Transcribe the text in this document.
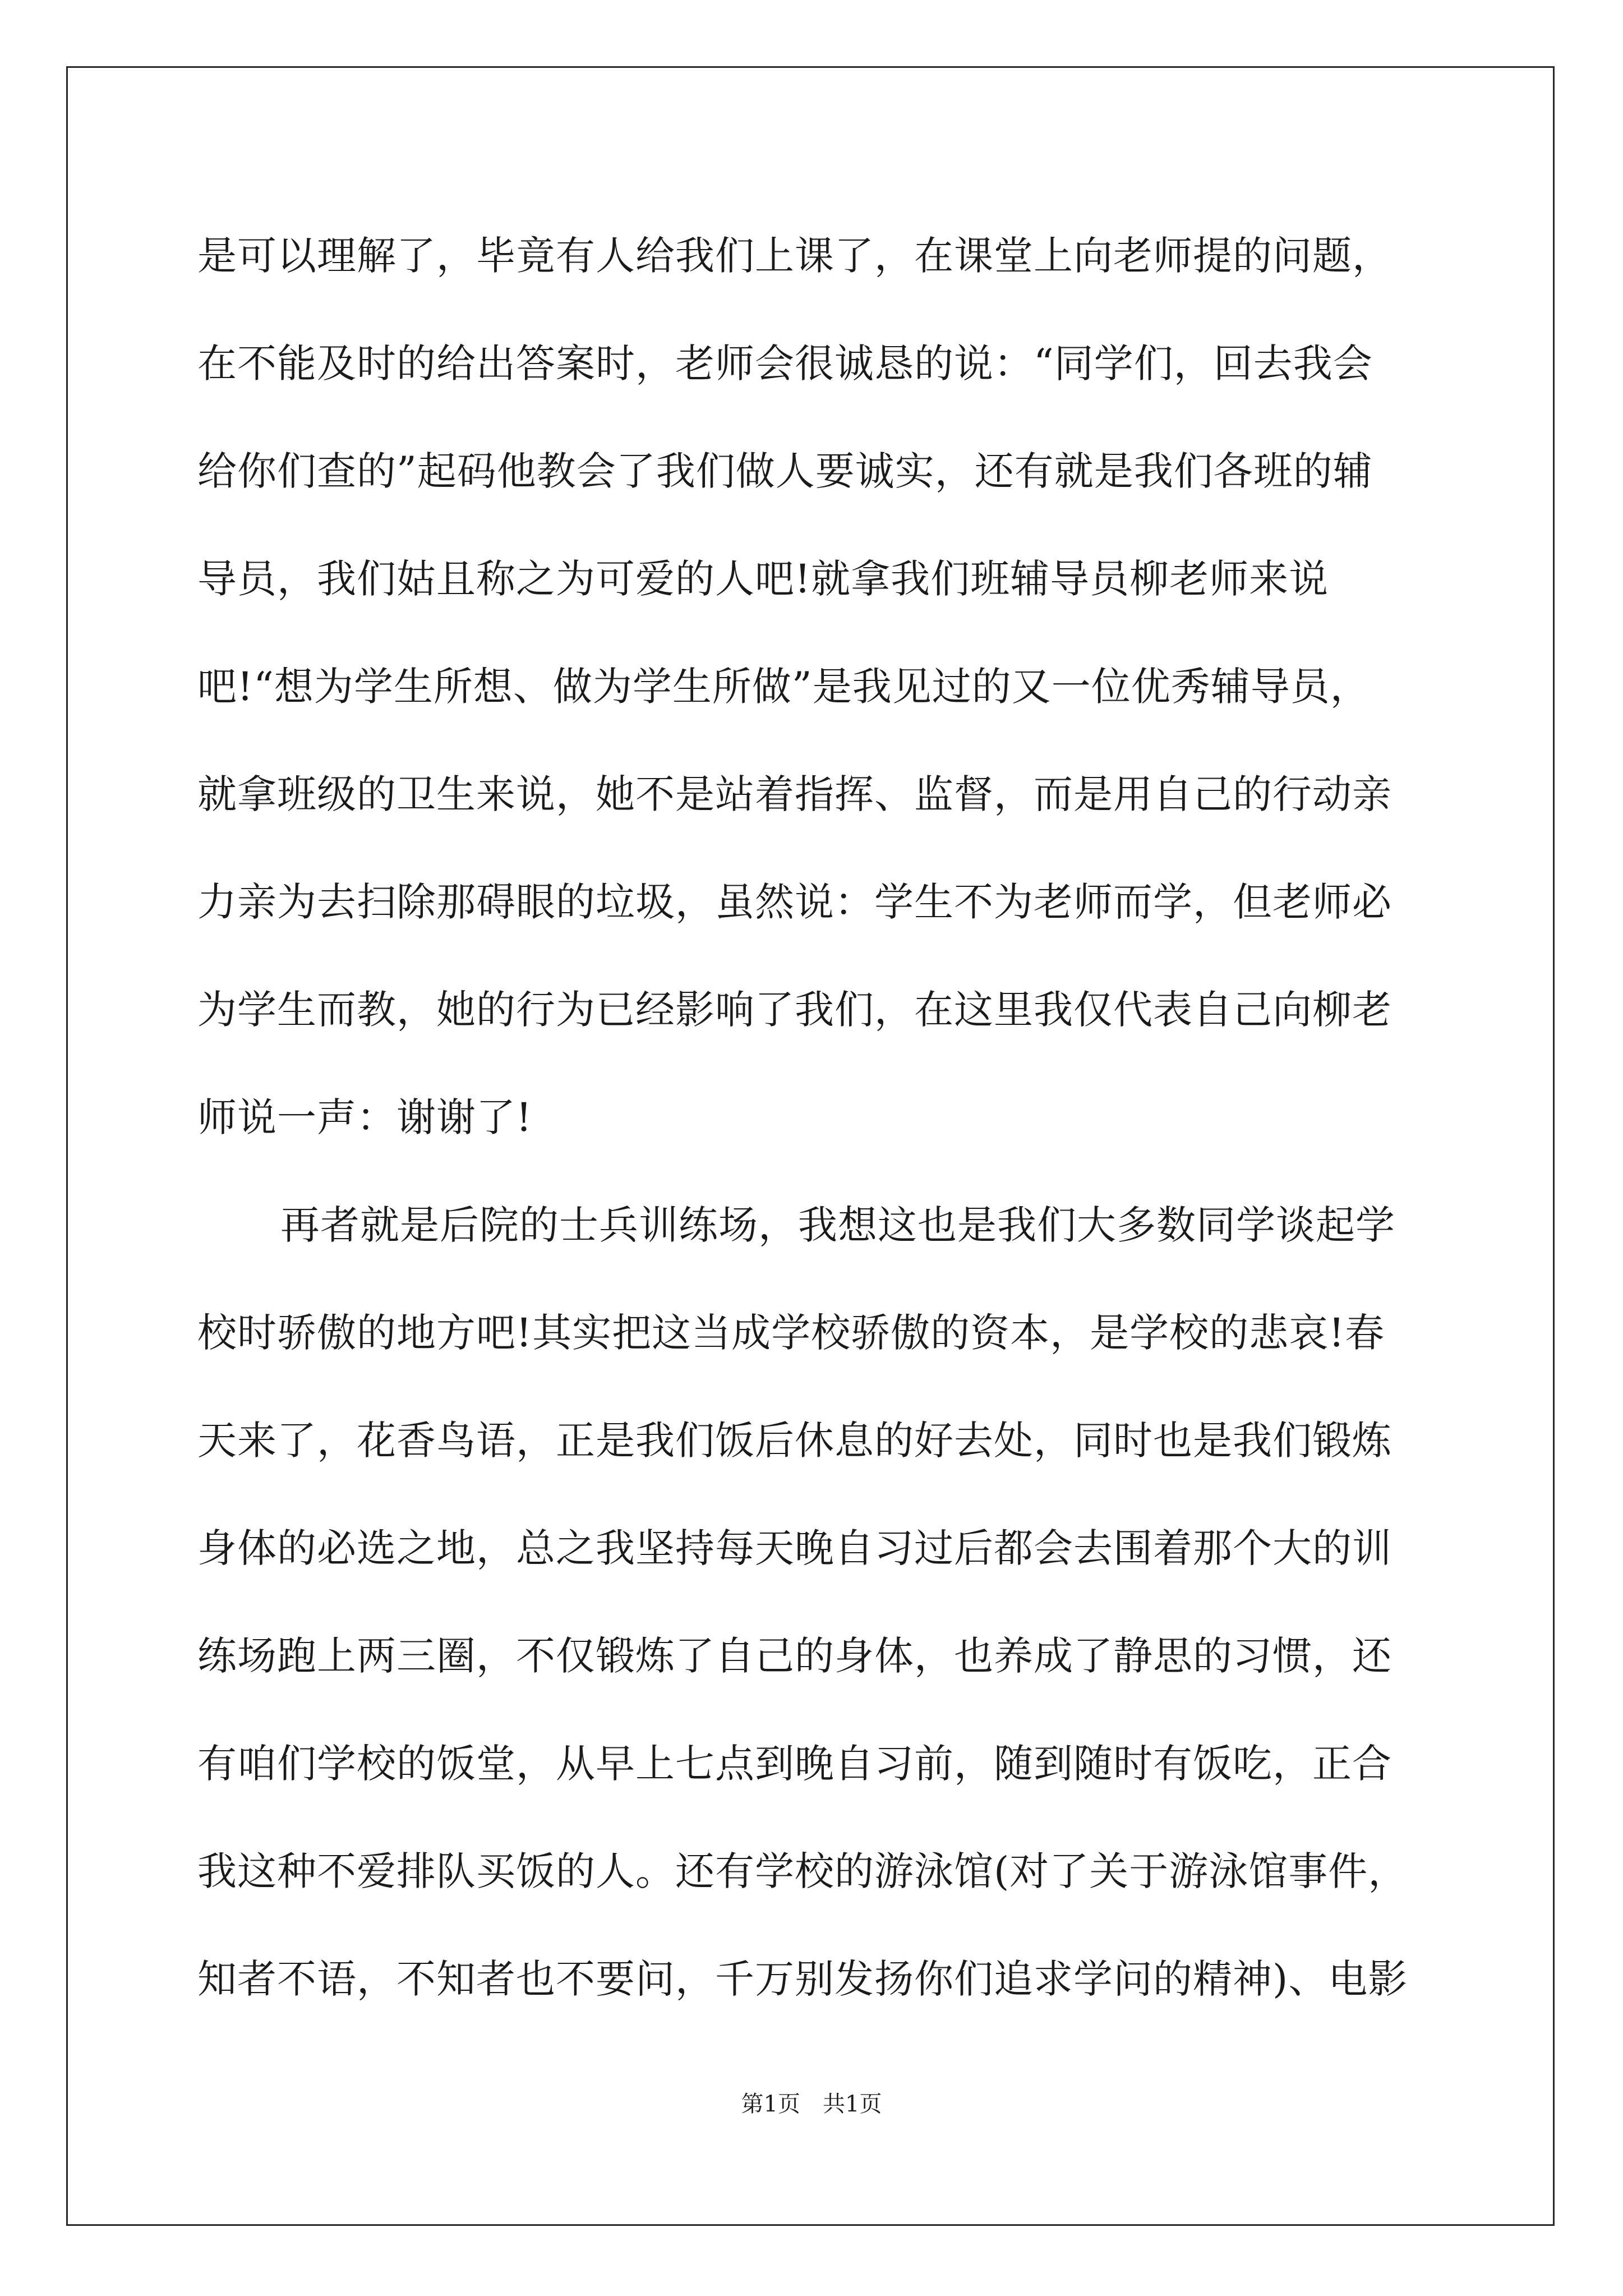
是可以理解了，毕竟有人给我们上课了，在课堂上向老师提的问题，
在不能及时的给出答案时，老师会很诚恳的说：“同学们，回去我会
给你们查的”起码他教会了我们做人要诚实，还有就是我们各班的辅
导员，我们姑且称之为可爱的人吧!就拿我们班辅导员柳老师来说
吧!“想为学生所想、做为学生所做”是我见过的又一位优秀辅导员，
就拿班级的卫生来说，她不是站着指挥、监督，而是用自己的行动亲
力亲为去扫除那碍眼的垃圾，虽然说：学生不为老师而学，但老师必
为学生而教，她的行为已经影响了我们，在这里我仅代表自己向柳老
师说一声：谢谢了!
再者就是后院的士兵训练场，我想这也是我们大多数同学谈起学
校时骄傲的地方吧!其实把这当成学校骄傲的资本，是学校的悲哀!春
天来了，花香鸟语，正是我们饭后休息的好去处，同时也是我们锻炼
身体的必选之地，总之我坚持每天晚自习过后都会去围着那个大的训
练场跑上两三圈，不仅锻炼了自己的身体，也养成了静思的习惯，还
有咱们学校的饭堂，从早上七点到晚自习前，随到随时有饭吃，正合
我这种不爱排队买饭的人。还有学校的游泳馆(对了关于游泳馆事件，
知者不语，不知者也不要问，千万别发扬你们追求学问的精神)、电影
第1页 共1页
